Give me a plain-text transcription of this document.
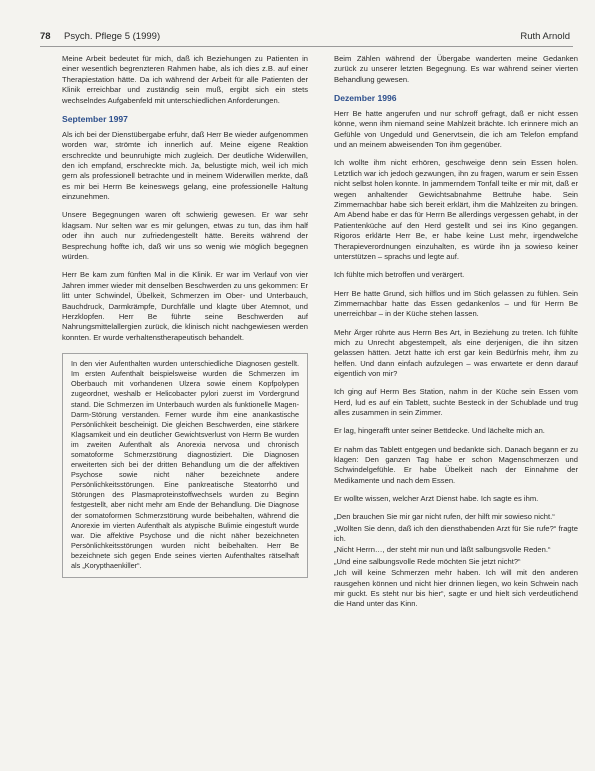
78 Psych. Pflege 5 (1999)	Ruth Arnold

Meine Arbeit bedeutet für mich, daß ich Beziehungen zu Patienten in einer wesentlich begrenzteren Rahmen habe, als ich dies z.B. auf einer Therapiestation hätte. Da ich während der Arbeit für alle Patienten der Klinik erreichbar und zuständig sein muß, ergibt sich ein stets wechselndes Aufgabenfeld mit unterschiedlichen Anforderungen.

September 1997

Als ich bei der Dienstübergabe erfuhr, daß Herr Be wieder aufgenommen worden war, strömte ich innerlich auf. Meine eigene Reaktion erschreckte und beunruhigte mich zugleich. Der deutliche Widerwillen, den ich empfand, erschreckte mich. Ja, belustigte mich, weil ich mich gern als professionell betrachte und in meinem Widerwillen merkte, daß es mir bei Herrn Be keineswegs gelang, eine professionelle Haltung einzunehmen.

Unsere Begegnungen waren oft schwierig gewesen. Er war sehr klagsam. Nur selten war es mir gelungen, etwas zu tun, das ihm half oder ihn auch nur zufriedengestellt hätte. Bereits während der Besprechung hoffte ich, daß wir uns so wenig wie möglich begegnen würden.

Herr Be kam zum fünften Mal in die Klinik. Er war im Verlauf von vier Jahren immer wieder mit denselben Beschwerden zu uns gekommen: Er litt unter Schwindel, Übelkeit, Schmerzen im Ober- und Unterbauch, Bauchdruck, Darmkrämpfe, Durchfälle und klagte über Atemnot, und Herzklopfen. Herr Be führte seine Beschwerden auf Nahrungsmittelallergien zurück, die klinisch nicht nachgewiesen werden konnten. Er wurde verhaltenstherapeutisch behandelt.

In den vier Aufenthalten wurden unterschiedliche Diagnosen gestellt. Im ersten Aufenthalt beispielsweise wurden die Schmerzen im Oberbauch mit vorhandenen Ulzera sowie einem Kopfpolypen zugeordnet, weshalb er Helicobacter pylori zuerst im Vordergrund stand. Die Schmerzen im Unterbauch wurden als funktionelle Magen-Darm-Störung verstanden. Ferner wurde ihm eine anankastische Persönlichkeit bescheinigt. Die gleichen Beschwerden, eine stärkere Klagsamkeit und ein deutlicher Gewichtsverlust von Herrn Be wurden im zweiten Aufenthalt als Anorexia nervosa und chronisch somatoforme Schmerzstörung diagnostiziert. Die Diagnosen erweiterten sich bei der dritten Behandlung um die der affektiven Psychose sowie nicht näher bezeichnete andere Persönlichkeitsstörungen. Eine pankreatische Steatorrhö und Störungen des Plasmaproteinstoffwechsels wurden zu Beginn festgestellt, aber nicht mehr am Ende der Behandlung. Die Diagnose der somatoformen Schmerzstörung wurde beibehalten, während die Anorexie im vierten Aufenthalt als atypische Bulimie eingestuft wurde war. Die affektive Psychose und die nicht näher bezeichneten Persönlichkeitsstörungen wurden nicht beibehalten. Herr Be bezeichnete sich gegen Ende seines vierten Aufenthaltes rätselhaft als „Korypthaenkiller“.

Beim Zählen während der Übergabe wanderten meine Gedanken zurück zu unserer letzten Begegnung. Es war während seiner vierten Behandlung gewesen.

Dezember 1996

Herr Be hatte angerufen und nur schroff gefragt, daß er nicht essen könne, wenn ihm niemand seine Mahlzeit brächte. Ich erinnere mich an Gefühle von Ungeduld und Genervtsein, die ich am Telefon empfand und an meinem abweisenden Ton ihm gegenüber.

Ich wollte ihm nicht erhören, geschweige denn sein Essen holen. Letztlich war ich jedoch gezwungen, ihn zu fragen, warum er sein Essen nicht selbst holen konnte. In jammerndem Tonfall teilte er mir mit, daß er wegen anhaltender Gewichtsabnahme Bettruhe habe. Sein Zimmernachbar habe sich bereit erklärt, ihm die Mahlzeiten zu bringen. Am Abend habe er das für Herrn Be allerdings vergessen gehabt, in der Patientenküche auf den Herd gestellt und sei ins Kino gegangen. Rigoros erklärte Herr Be, er habe keine Lust mehr, irgendwelche Therapieverordnungen einzuhalten, es würde ihn ja sowieso keiner unterstützen – sprachs und legte auf.

Ich fühlte mich betroffen und verärgert.

Herr Be hatte Grund, sich hilflos und im Stich gelassen zu fühlen. Sein Zimmernachbar hatte das Essen gedankenlos – und für Herrn Be unerreichbar – in der Küche stehen lassen.

Mehr Ärger rührte aus Herrn Bes Art, in Beziehung zu treten. Ich fühlte mich zu Unrecht abgestempelt, als eine derjenigen, die ihn sitzen gelassen hätten. Jetzt hatte ich erst gar kein Bedürfnis mehr, ihm zu helfen. Und dann einfach aufzulegen – was erwartete er denn darauf eigentlich von mir?

Ich ging auf Herrn Bes Station, nahm in der Küche sein Essen vom Herd, lud es auf ein Tablett, suchte Besteck in der Schublade und trug alles zusammen in sein Zimmer.

Er lag, hingerafft unter seiner Bettdecke. Und lächelte mich an.

Er nahm das Tablett entgegen und bedankte sich. Danach begann er zu klagen: Den ganzen Tag habe er schon Magenschmerzen und Schwindelgefühle. Er habe Übelkeit nach der Einnahme der Medikamente und nach dem Essen.

Er wollte wissen, welcher Arzt Dienst habe. Ich sagte es ihm.

„Den brauchen Sie mir gar nicht rufen, der hilft mir sowieso nicht.“

„Wollten Sie denn, daß ich den diensthabenden Arzt für Sie rufe?“ fragte ich.

„Nicht Herrn…, der steht mir nun und läßt salbungsvolle Reden.“

„Und eine salbungsvolle Rede möchten Sie jetzt nicht?“

„Ich will keine Schmerzen mehr haben. Ich will mit den anderen rausgehen können und nicht hier drinnen liegen, wo kein Schwein nach mir guckt. Es steht nur bis hier“, sagte er und hielt sich verdeutlichend die Hand unter das Kinn.
